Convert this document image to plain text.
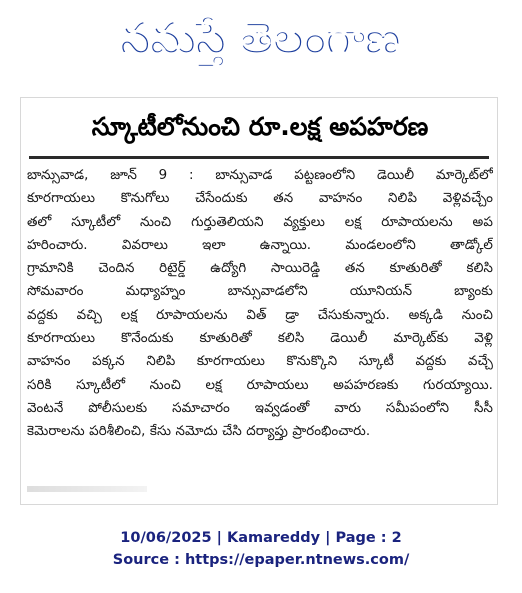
నమస్తే తెలంగాణ
స్కూటీలోనుంచి రూ.లక్ష అపహరణ
బాన్సువాడ, జూన్ 9 : బాన్సువాడ పట్టణంలోని డెయిలీ మార్కెట్‌లో
కూరగాయలు కొనుగోలు చేసేందుకు తన వాహనం నిలిపి వెళ్లివచ్చేం
తలో స్కూటీలో నుంచి గుర్తుతెలియని వ్యక్తులు లక్ష రూపాయలను అప
హరించారు. వివరాలు ఇలా ఉన్నాయి. మండలంలోని తాడ్కోల్
గ్రామానికి చెందిన రిటైర్డ్ ఉద్యోగి సాయిరెడ్డి తన కూతురితో కలిసి
సోమవారం మధ్యాహ్నం బాన్సువాడలోని యూనియన్ బ్యాంకు
వద్దకు వచ్చి లక్ష రూపాయలను విత్ డ్రా చేసుకున్నారు. అక్కడి నుంచి
కూరగాయలు కొనేందుకు కూతురితో కలిసి డెయిలీ మార్కెట్‌కు వెళ్లి
వాహనం పక్కన నిలిపి కూరగాయలు కొనుక్కొని స్కూటీ వద్దకు వచ్చే
సరికి స్కూటీలో నుంచి లక్ష రూపాయలు అపహరణకు గురయ్యాయి.
వెంటనే పోలీసులకు సమాచారం ఇవ్వడంతో వారు సమీపంలోని సీసీ
కెమెరాలను పరిశీలించి, కేసు నమోదు చేసి దర్యాప్తు ప్రారంభించారు.
10/06/2025 | Kamareddy | Page : 2
Source : https://epaper.ntnews.com/
